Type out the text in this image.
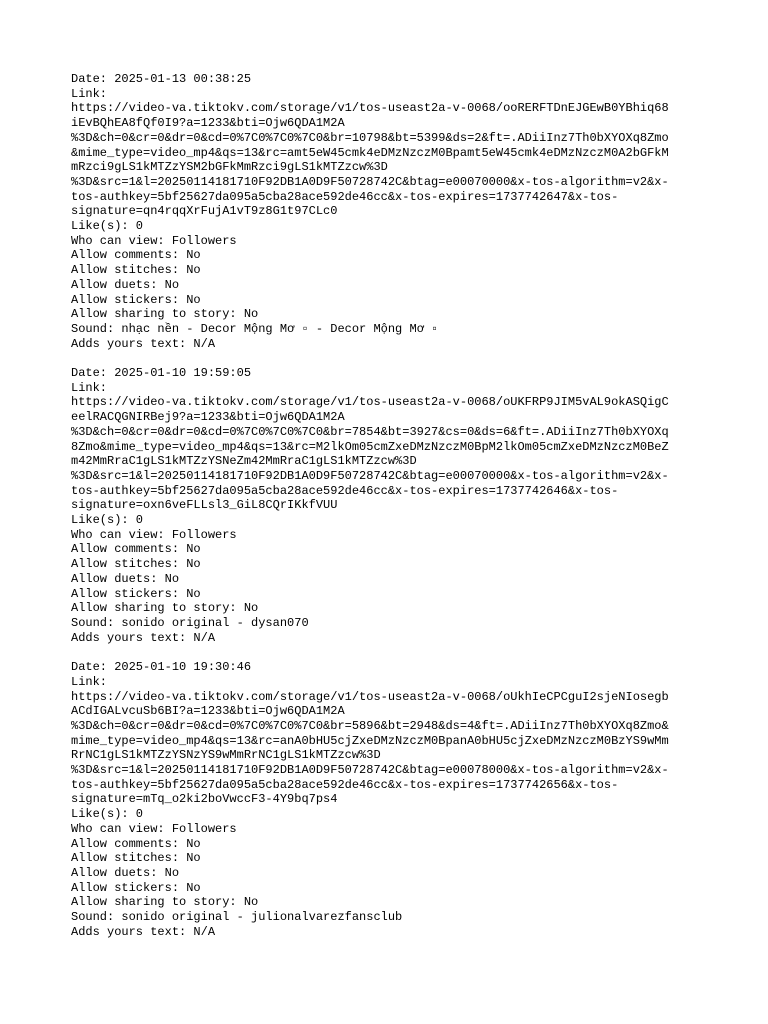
Date: 2025-01-13 00:38:25
Link:
https://video-va.tiktokv.com/storage/v1/tos-useast2a-v-0068/ooRERFTDnEJGEwB0YBhiq68
iEvBQhEA8fQf0I9?a=1233&bti=Ojw6QDA1M2A
%3D&ch=0&cr=0&dr=0&cd=0%7C0%7C0%7C0&br=10798&bt=5399&ds=2&ft=.ADiiInz7Th0bXYOXq8Zmo
&mime_type=video_mp4&qs=13&rc=amt5eW45cmk4eDMzNzczM0Bpamt5eW45cmk4eDMzNzczM0A2bGFkM
mRzci9gLS1kMTZzYSM2bGFkMmRzci9gLS1kMTZzcw%3D
%3D&src=1&l=20250114181710F92DB1A0D9F50728742C&btag=e00070000&x-tos-algorithm=v2&x-
tos-authkey=5bf25627da095a5cba28ace592de46cc&x-tos-expires=1737742647&x-tos-
signature=qn4rqqXrFujA1vT9z8G1t97CLc0
Like(s): 0
Who can view: Followers
Allow comments: No
Allow stitches: No
Allow duets: No
Allow stickers: No
Allow sharing to story: No
Sound: nhạc nền - Decor Mộng Mơ ▫ - Decor Mộng Mơ ▫
Adds yours text: N/A
Date: 2025-01-10 19:59:05
Link:
https://video-va.tiktokv.com/storage/v1/tos-useast2a-v-0068/oUKFRP9JIM5vAL9okASQigC
eelRACQGNIRBej9?a=1233&bti=Ojw6QDA1M2A
%3D&ch=0&cr=0&dr=0&cd=0%7C0%7C0%7C0&br=7854&bt=3927&cs=0&ds=6&ft=.ADiiInz7Th0bXYOXq
8Zmo&mime_type=video_mp4&qs=13&rc=M2lkOm05cmZxeDMzNzczM0BpM2lkOm05cmZxeDMzNzczM0BeZ
m42MmRraC1gLS1kMTZzYSNeZm42MmRraC1gLS1kMTZzcw%3D
%3D&src=1&l=20250114181710F92DB1A0D9F50728742C&btag=e00070000&x-tos-algorithm=v2&x-
tos-authkey=5bf25627da095a5cba28ace592de46cc&x-tos-expires=1737742646&x-tos-
signature=oxn6veFLLsl3_GiL8CQrIKkfVUU
Like(s): 0
Who can view: Followers
Allow comments: No
Allow stitches: No
Allow duets: No
Allow stickers: No
Allow sharing to story: No
Sound: sonido original - dysan070
Adds yours text: N/A
Date: 2025-01-10 19:30:46
Link:
https://video-va.tiktokv.com/storage/v1/tos-useast2a-v-0068/oUkhIeCPCguI2sjeNIosegb
ACdIGALvcuSb6BI?a=1233&bti=Ojw6QDA1M2A
%3D&ch=0&cr=0&dr=0&cd=0%7C0%7C0%7C0&br=5896&bt=2948&ds=4&ft=.ADiiInz7Th0bXYOXq8Zmo&
mime_type=video_mp4&qs=13&rc=anA0bHU5cjZxeDMzNzczM0BpanA0bHU5cjZxeDMzNzczM0BzYS9wMm
RrNC1gLS1kMTZzYSNzYS9wMmRrNC1gLS1kMTZzcw%3D
%3D&src=1&l=20250114181710F92DB1A0D9F50728742C&btag=e00078000&x-tos-algorithm=v2&x-
tos-authkey=5bf25627da095a5cba28ace592de46cc&x-tos-expires=1737742656&x-tos-
signature=mTq_o2ki2boVwccF3-4Y9bq7ps4
Like(s): 0
Who can view: Followers
Allow comments: No
Allow stitches: No
Allow duets: No
Allow stickers: No
Allow sharing to story: No
Sound: sonido original - julionalvarezfansclub
Adds yours text: N/A
